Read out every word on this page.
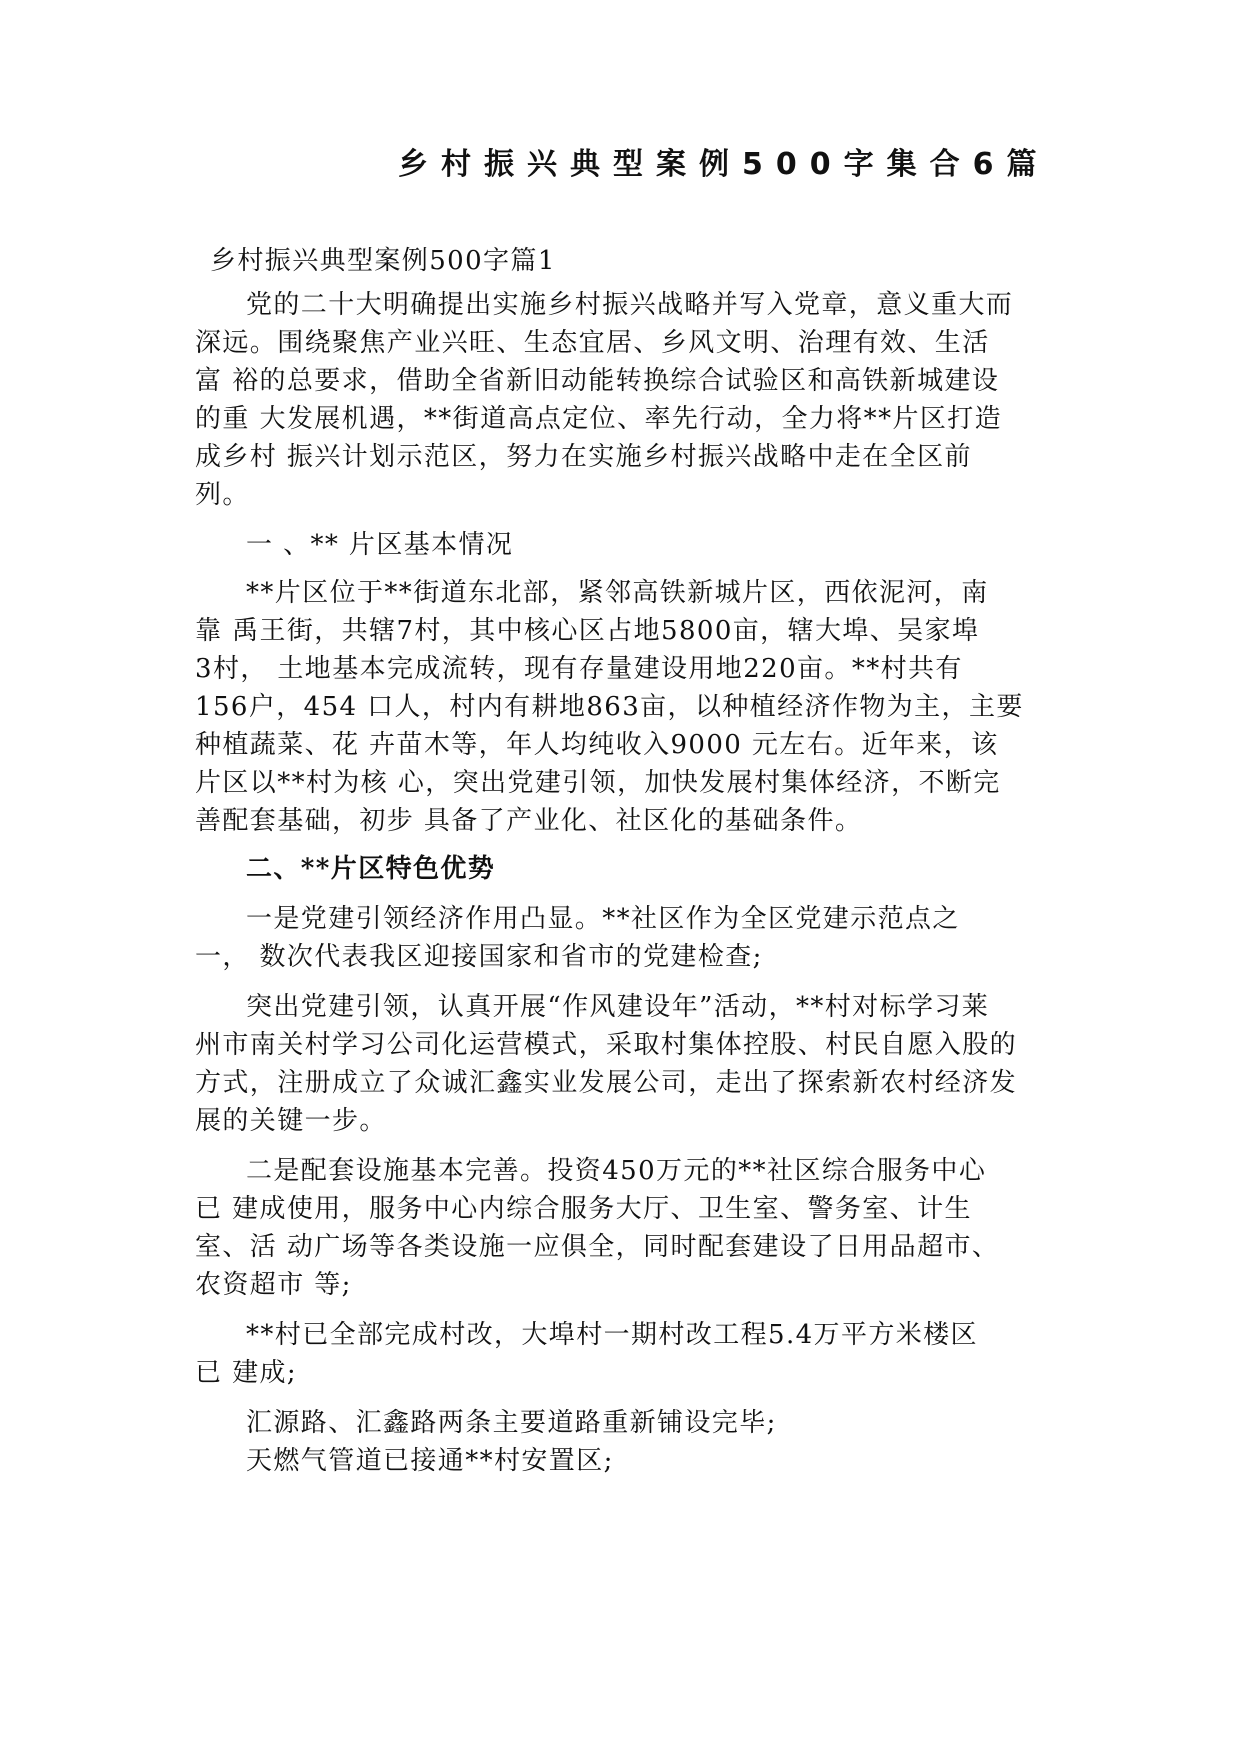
乡村振兴典型案例500字集合6篇

乡村振兴典型案例500字篇1

党的二十大明确提出实施乡村振兴战略并写入党章，意义重大而

深远。围绕聚焦产业兴旺、生态宜居、乡风文明、治理有效、生活

富 裕的总要求，借助全省新旧动能转换综合试验区和高铁新城建设

的重 大发展机遇，**街道高点定位、率先行动，全力将**片区打造

成乡村 振兴计划示范区，努力在实施乡村振兴战略中走在全区前

列。

一 、** 片区基本情况

**片区位于**街道东北部，紧邻高铁新城片区，西依泥河，南

靠 禹王街，共辖7村，其中核心区占地5800亩，辖大埠、吴家埠

3村， 土地基本完成流转，现有存量建设用地220亩。**村共有

156户，454 口人，村内有耕地863亩，以种植经济作物为主，主要

种植蔬菜、花 卉苗木等，年人均纯收入9000 元左右。近年来，该

片区以**村为核 心，突出党建引领，加快发展村集体经济，不断完

善配套基础，初步 具备了产业化、社区化的基础条件。

二、**片区特色优势

一是党建引领经济作用凸显。**社区作为全区党建示范点之

一， 数次代表我区迎接国家和省市的党建检查;

突出党建引领，认真开展“作风建设年”活动，**村对标学习莱

州市南关村学习公司化运营模式，采取村集体控股、村民自愿入股的

方式，注册成立了众诚汇鑫实业发展公司，走出了探索新农村经济发

展的关键一步。

二是配套设施基本完善。投资450万元的**社区综合服务中心

已 建成使用，服务中心内综合服务大厅、卫生室、警务室、计生

室、活 动广场等各类设施一应俱全，同时配套建设了日用品超市、

农资超市 等;

**村已全部完成村改，大埠村一期村改工程5.4万平方米楼区

已 建成;

汇源路、汇鑫路两条主要道路重新铺设完毕;

天燃气管道已接通**村安置区;
